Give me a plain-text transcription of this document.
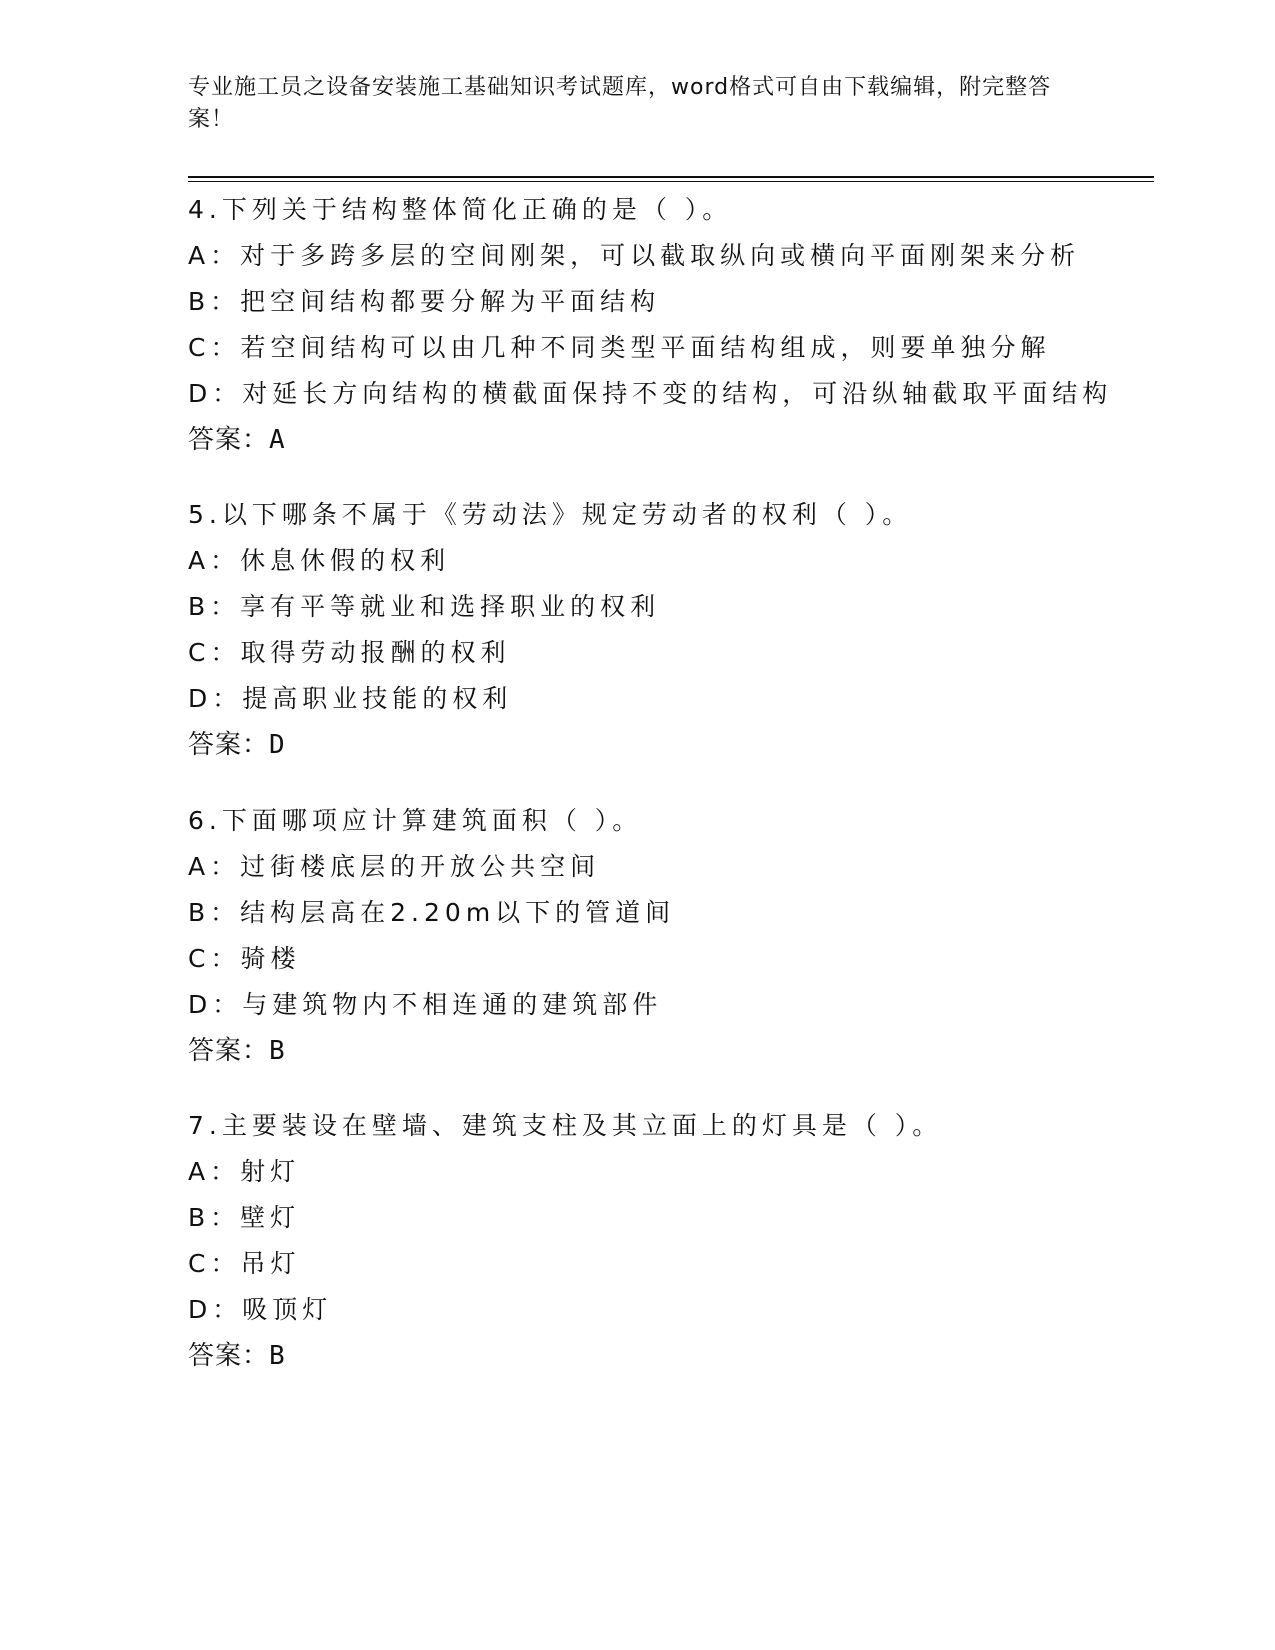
专业施工员之设备安装施工基础知识考试题库，word格式可自由下载编辑，附完整答案！
4.下列关于结构整体简化正确的是（ ）。
A：对于多跨多层的空间刚架，可以截取纵向或横向平面刚架来分析
B：把空间结构都要分解为平面结构
C：若空间结构可以由几种不同类型平面结构组成，则要单独分解
D：对延长方向结构的横截面保持不变的结构，可沿纵轴截取平面结构
答案：A
5.以下哪条不属于《劳动法》规定劳动者的权利（ ）。
A：休息休假的权利
B：享有平等就业和选择职业的权利
C：取得劳动报酬的权利
D：提高职业技能的权利
答案：D
6.下面哪项应计算建筑面积（ ）。
A：过街楼底层的开放公共空间
B：结构层高在2.20m以下的管道间
C：骑楼
D：与建筑物内不相连通的建筑部件
答案：B
7.主要装设在壁墙、建筑支柱及其立面上的灯具是（ ）。
A：射灯
B：壁灯
C：吊灯
D：吸顶灯
答案：B
